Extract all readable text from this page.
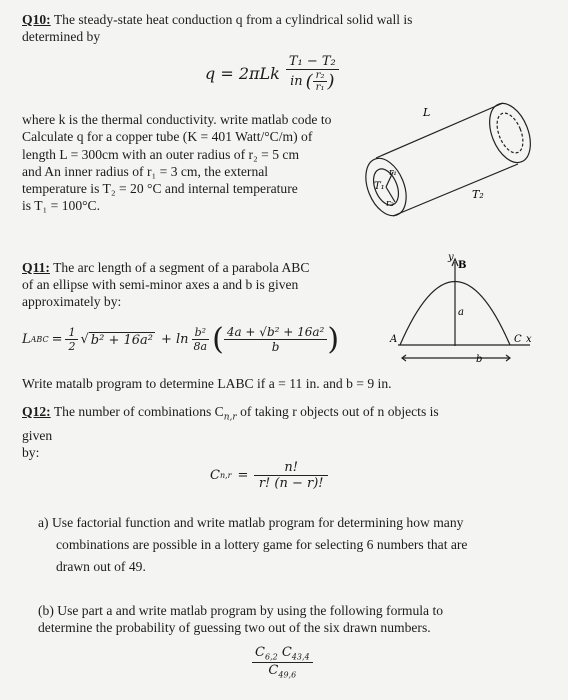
Q10: The steady-state heat conduction q from a cylindrical solid wall is
determined by
q = 2πLk
T₁ − T₂
in ( $\frac{\text{r₂}}{\text{r₁}}$ )
where k is the thermal conductivity. write matlab code to
Calculate q for a copper tube (K = 401 Watt/°C/m) of
length L = 300cm with an outer radius of r₂ = 5 cm
and An inner radius of r₁ = 3 cm, the external
temperature is T₂ = 20 °C and internal temperature
is T₁ = 100°C.
L
T₁
r₁
r₂
T₂
Q11: The arc length of a segment of a parabola ABC
of an ellipse with semi-minor axes a and b is given
approximately by:
L ABC = $\frac{1}{2}$ √ $b^2 + 16a^2 + \ln \frac{\text{b²}}{8a}$ ( $\frac{\text{4a + √b² + 16a²}}{b}$ )
y
B
a
A	C x
b
Write matalb program to determine LABC if a = 11 in. and b = 9 in.
Q12: The number of combinations $C_{n,r}$ of taking r objects out of n objects is
given
by:
C $n,r = \frac{n!}{r! (n - r)!}$
a) Use factorial function and write matlab program for determining how many
combinations are possible in a lottery game for selecting 6 numbers that are
drawn out of 49.
(b) Use part a and write matlab program by using the following formula to
determine the probability of guessing two out of the six drawn numbers.
$\frac{C_{6,2} C_{43,4}}{C_{49,6}}$
